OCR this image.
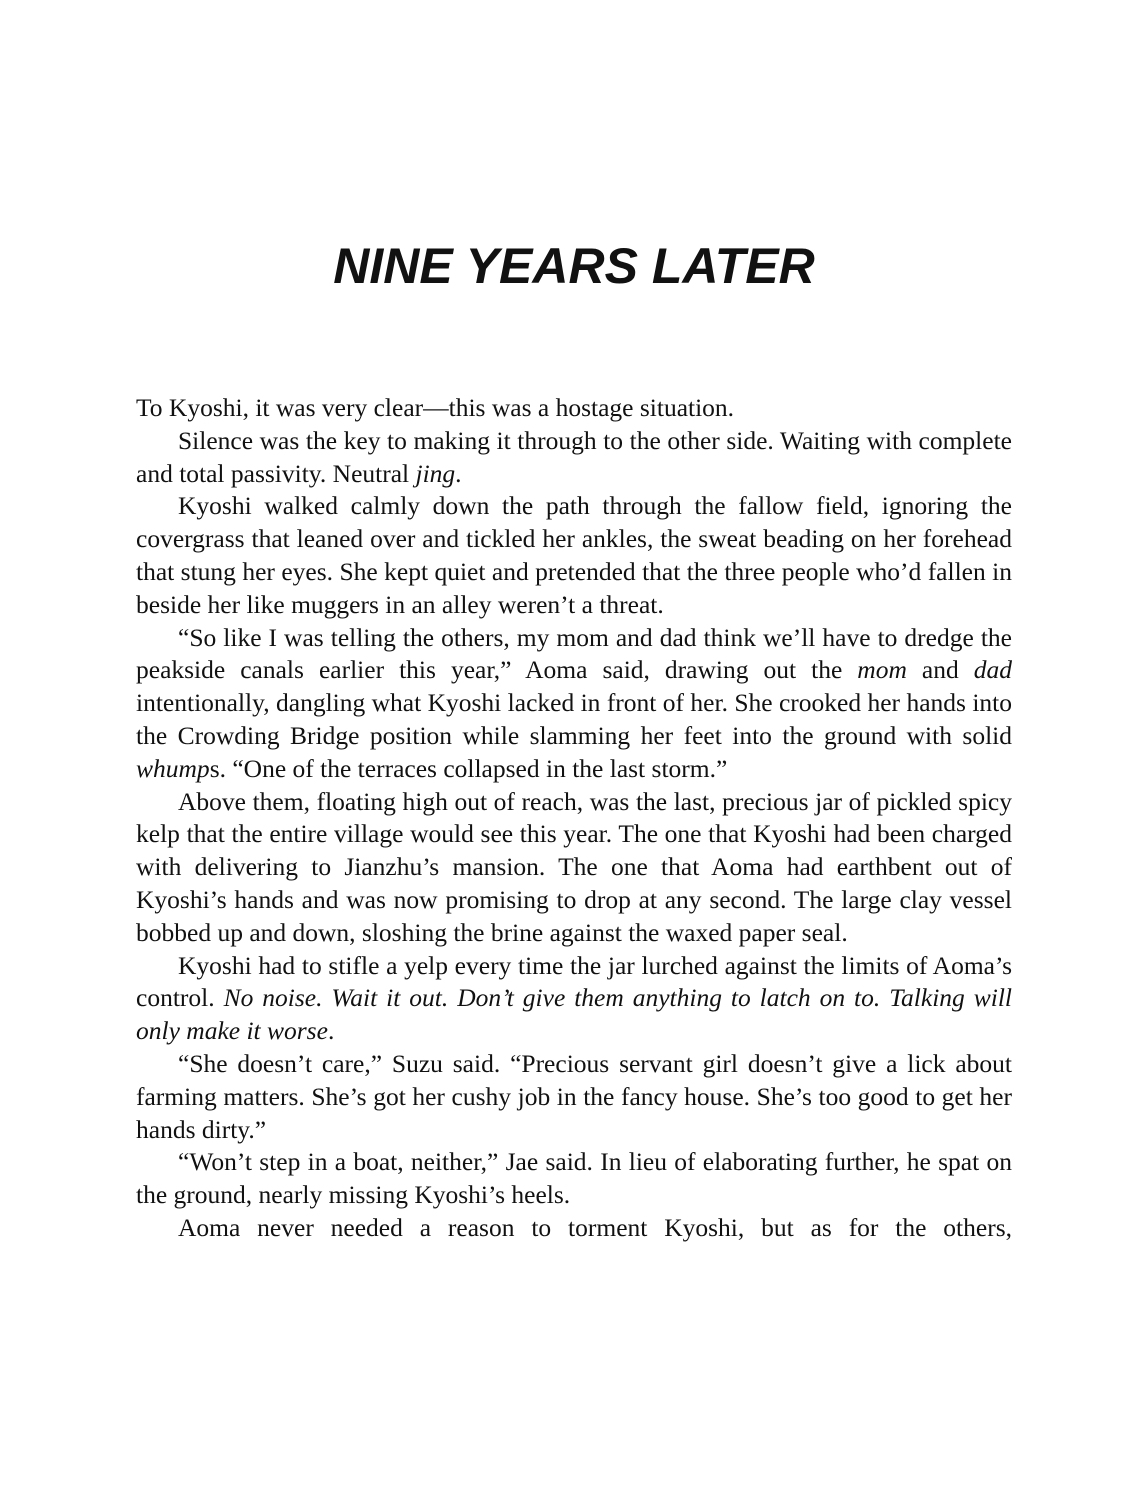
NINE YEARS LATER

To Kyoshi, it was very clear—this was a hostage situation.

Silence was the key to making it through to the other side. Waiting with complete and total passivity. Neutral jing.

Kyoshi walked calmly down the path through the fallow field, ignoring the covergrass that leaned over and tickled her ankles, the sweat beading on her forehead that stung her eyes. She kept quiet and pretended that the three people who’d fallen in beside her like muggers in an alley weren’t a threat.

“So like I was telling the others, my mom and dad think we’ll have to dredge the peakside canals earlier this year,” Aoma said, drawing out the mom and dad intentionally, dangling what Kyoshi lacked in front of her. She crooked her hands into the Crowding Bridge position while slamming her feet into the ground with solid whumps. “One of the terraces collapsed in the last storm.”

Above them, floating high out of reach, was the last, precious jar of pickled spicy kelp that the entire village would see this year. The one that Kyoshi had been charged with delivering to Jianzhu’s mansion. The one that Aoma had earthbent out of Kyoshi’s hands and was now promising to drop at any second. The large clay vessel bobbed up and down, sloshing the brine against the waxed paper seal.

Kyoshi had to stifle a yelp every time the jar lurched against the limits of Aoma’s control. No noise. Wait it out. Don’t give them anything to latch on to. Talking will only make it worse.

“She doesn’t care,” Suzu said. “Precious servant girl doesn’t give a lick about farming matters. She’s got her cushy job in the fancy house. She’s too good to get her hands dirty.”

“Won’t step in a boat, neither,” Jae said. In lieu of elaborating further, he spat on the ground, nearly missing Kyoshi’s heels.

Aoma never needed a reason to torment Kyoshi, but as for the others,
